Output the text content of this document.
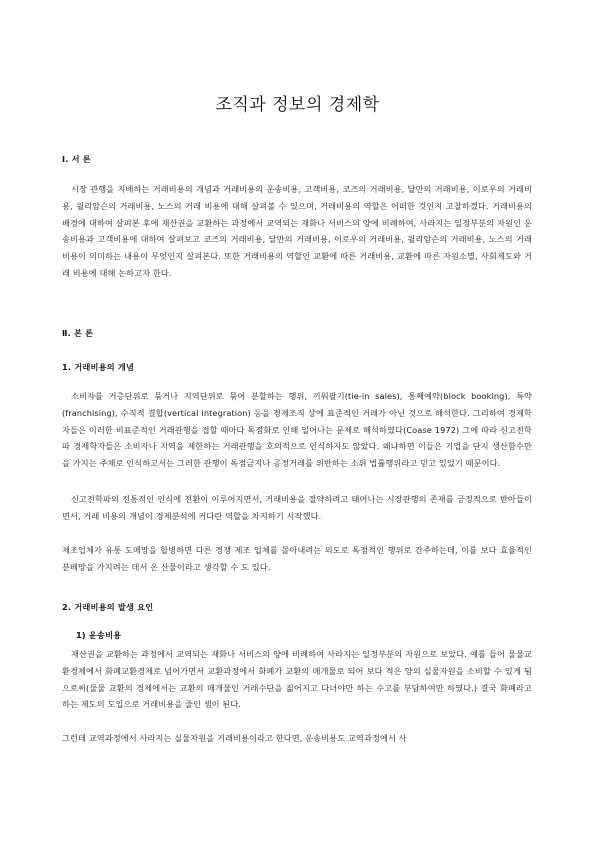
조직과 정보의 경제학
Ⅰ. 서 론

시장 관행을 지배하는 거래비용의 개념과 거래비용의 운송비용, 고객비용, 코즈의 거래비용, 달만의 거래비용, 이로우의 거래비용, 윌리암슨의 거래비용, 노스의 거래 비용에 대해 살펴볼 수 있으며, 거래비용의 역할은 어떠한 것인지 고찰하겠다. 거래비용의 배경에 대하여 살펴본 후에 재산권을 교환하는 과정에서 교역되는 재화나 서비스의 양에 비례하여, 사라지는 일정부분의 자원인 운송비용과 고객비용에 대하여 살펴보고 코즈의 거래비용, 달만의 거래비용, 이로우의 거래비용, 윌리암슨의 거래비용, 노스의 거래비용이 의미하는 내용이 무엇인지 살펴본다. 또한 거래비용의 역할인 교환에 따른 거래비용, 교환에 따른 자원소멸, 사회제도와 거래 비용에 대해 논하고자 한다.

Ⅱ. 본 론
1. 거래비용의 개념

소비자를 거층단위로 묶거나 지역단위로 묶어 분할하는 행위, 끼워팔기(tie-in sales), 통째예약(block booking), 특약(franchising), 수직적 결합(vertical integration) 등을 경제조직 상에 표준적인 거래가 아닌 것으로 해석한다. 그리하여 경제학자들은 이러한 비표준적인 거래관행을 접할 때마다 독점화로 인해 일어나는 문제로 해석하였다(Coase 1972) 그에 따라 신고전학파 경제학자들은 소비자나 지역을 제한하는 거래관행을 호의적으로 인식하지도 않았다. 왜냐하면 이들은 기업을 단지 생산함수만을 가지는 주체로 인식하고서는 그러한 관행이 독점금지나 공정거래를 위반하는 소위 법률행위라고 믿고 있었기 때문이다.

신고전학파의 전통적인 인식에 전환이 이루어지면서, 거래비용을 절약하려고 태어나는 시장관행의 존재를 긍정적으로 받아들이면서, 거래 비용의 개념이 경제분석에 커다란 역할을 차지하기 시작했다.

제조업체가 유통 도매망을 합병하면 다른 경쟁 제조 업체를 몰아내려는 의도로 독점적인 행위로 간주하는데, 이를 보다 효율적인 분배망을 가지려는 데서 온 산물이라고 생각할 수 도 있다.

2. 거래비용의 발생 요인
1) 운송비용

재산권을 교환하는 과정에서 교역되는 재화나 서비스의 양에 비례하여 사라지는 일정부분의 자원으로 보았다. 예를 들어 물물교환경제에서 화폐교환경제로 넘어가면서 교환과정에서 화폐가 교환의 매개물로 되어 보다 적은 양의 실물자원을 소비할 수 있게 됨으로써(물물 교환의 경제에서는 교환의 매개물인 거래수단을 짊어지고 다녀야만 하는 수고를 부담하여만 하였다.) 결국 화폐라고 하는 제도의 도입으로 거래비용을 줄인 셈이 된다.

그런데 교역과정에서 사라지는 실물자원을 거래비용이라고 한다면, 운송비용도 교역과정에서 사
